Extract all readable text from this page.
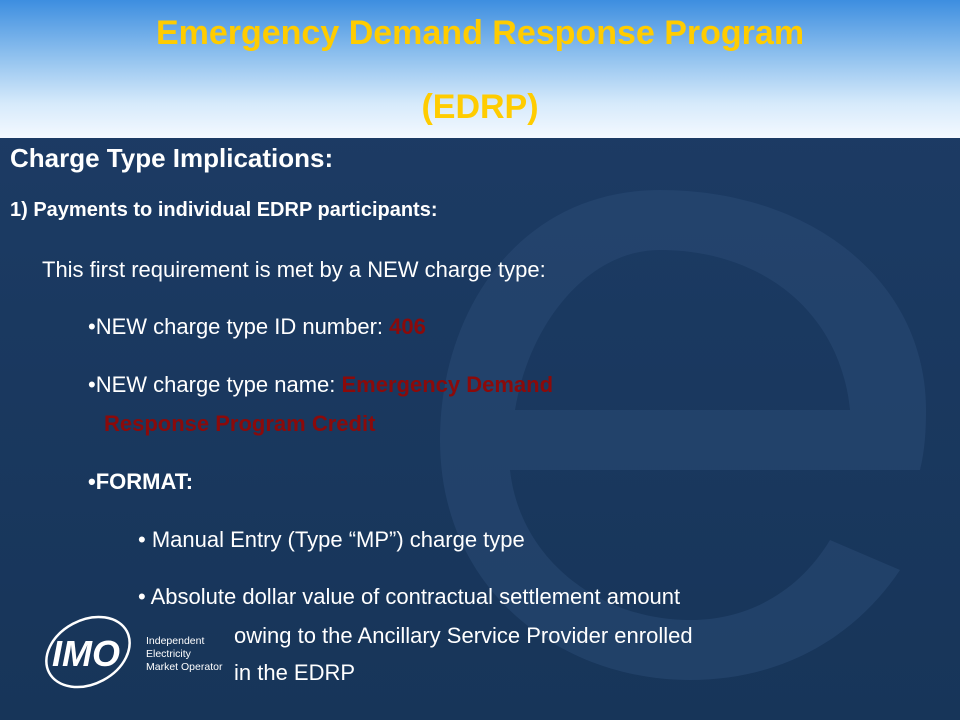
Emergency Demand Response Program
(EDRP)
Charge Type Implications:
1) Payments to individual EDRP participants:
This first requirement is met by a NEW charge type:
•NEW charge type ID number: 406
•NEW charge type name: Emergency Demand
Response Program Credit
•FORMAT:
• Manual Entry (Type “MP”) charge type
• Absolute dollar value of contractual settlement amount
owing to the Ancillary Service Provider enrolled
in the EDRP
IMO Independent
Electricity
Market Operator
